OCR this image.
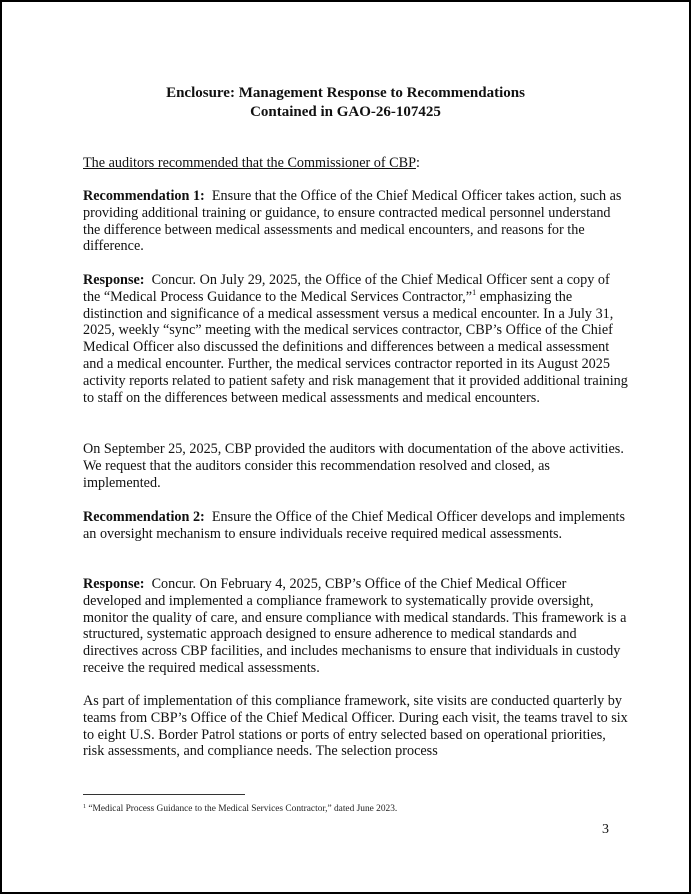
Enclosure: Management Response to Recommendations
Contained in GAO-26-107425

The auditors recommended that the Commissioner of CBP:

Recommendation 1: Ensure that the Office of the Chief Medical Officer takes action, such as providing additional training or guidance, to ensure contracted medical personnel understand the difference between medical assessments and medical encounters, and reasons for the difference.

Response: Concur. On July 29, 2025, the Office of the Chief Medical Officer sent a copy of the “Medical Process Guidance to the Medical Services Contractor,”$^1$ emphasizing the distinction and significance of a medical assessment versus a medical encounter. In a July 31, 2025, weekly “sync” meeting with the medical services contractor, CBP’s Office of the Chief Medical Officer also discussed the definitions and differences between a medical assessment and a medical encounter. Further, the medical services contractor reported in its August 2025 activity reports related to patient safety and risk management that it provided additional training to staff on the differences between medical assessments and medical encounters.

On September 25, 2025, CBP provided the auditors with documentation of the above activities. We request that the auditors consider this recommendation resolved and closed, as implemented.

Recommendation 2: Ensure the Office of the Chief Medical Officer develops and implements an oversight mechanism to ensure individuals receive required medical assessments.

Response: Concur. On February 4, 2025, CBP’s Office of the Chief Medical Officer developed and implemented a compliance framework to systematically provide oversight, monitor the quality of care, and ensure compliance with medical standards. This framework is a structured, systematic approach designed to ensure adherence to medical standards and directives across CBP facilities, and includes mechanisms to ensure that individuals in custody receive the required medical assessments.

As part of implementation of this compliance framework, site visits are conducted quarterly by teams from CBP’s Office of the Chief Medical Officer. During each visit, the teams travel to six to eight U.S. Border Patrol stations or ports of entry selected based on operational priorities, risk assessments, and compliance needs. The selection process

$^1$ “Medical Process Guidance to the Medical Services Contractor,” dated June 2023.
3
